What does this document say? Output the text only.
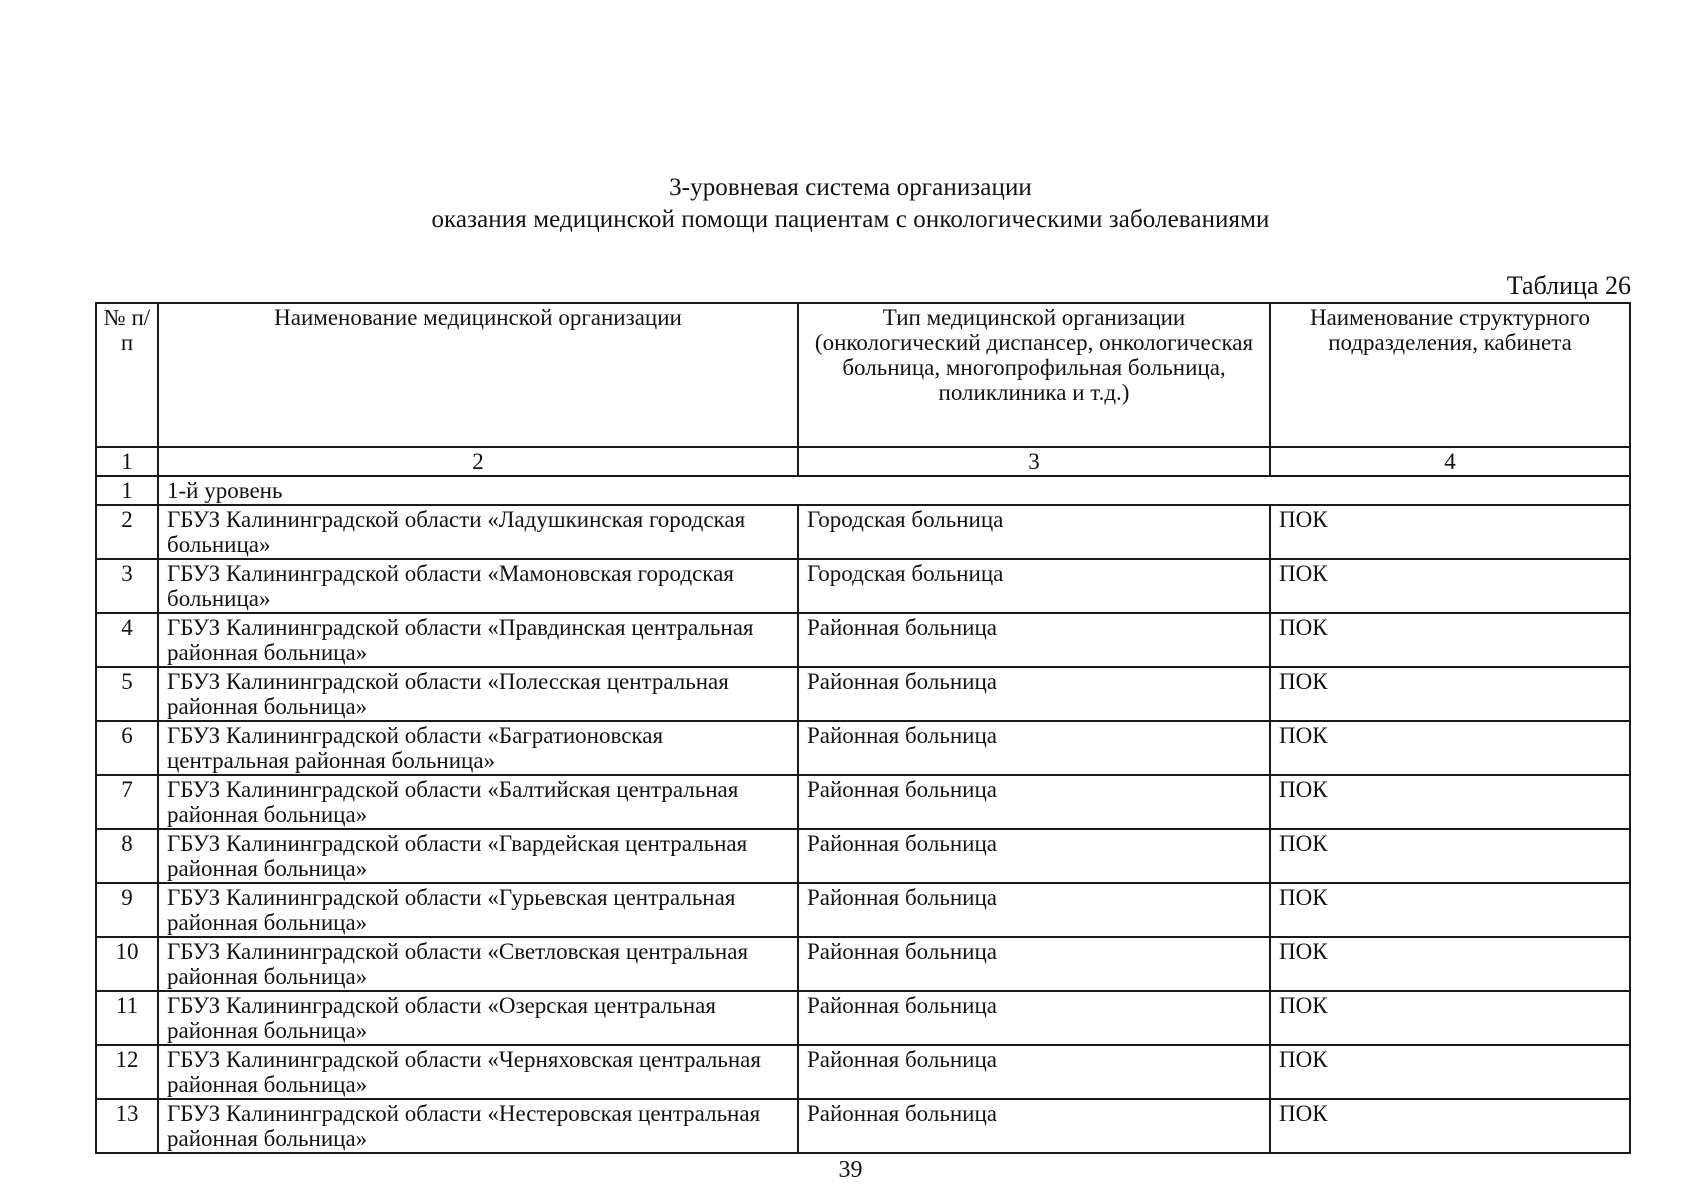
3-уровневая система организации
оказания медицинской помощи пациентам с онкологическими заболеваниями
Таблица 26
№ п/п	Наименование медицинской организации	Тип медицинской организации (онкологический диспансер, онкологическая больница, многопрофильная больница, поликлиника и т.д.)	Наименование структурного подразделения, кабинета
1	2	3	4
1	1-й уровень		
2	ГБУЗ Калининградской области «Ладушкинская городская больница»	Городская больница	ПОК
3	ГБУЗ Калининградской области «Мамоновская городская больница»	Городская больница	ПОК
4	ГБУЗ Калининградской области «Правдинская центральная районная больница»	Районная больница	ПОК
5	ГБУЗ Калининградской области «Полесская центральная районная больница»	Районная больница	ПОК
6	ГБУЗ Калининградской области «Багратионовская центральная районная больница»	Районная больница	ПОК
7	ГБУЗ Калининградской области «Балтийская центральная районная больница»	Районная больница	ПОК
8	ГБУЗ Калининградской области «Гвардейская центральная районная больница»	Районная больница	ПОК
9	ГБУЗ Калининградской области «Гурьевская центральная районная больница»	Районная больница	ПОК
10	ГБУЗ Калининградской области «Светловская центральная районная больница»	Районная больница	ПОК
11	ГБУЗ Калининградской области «Озерская центральная районная больница»	Районная больница	ПОК
12	ГБУЗ Калининградской области «Черняховская центральная районная больница»	Районная больница	ПОК
13	ГБУЗ Калининградской области «Нестеровская центральная районная больница»	Районная больница	ПОК
39
